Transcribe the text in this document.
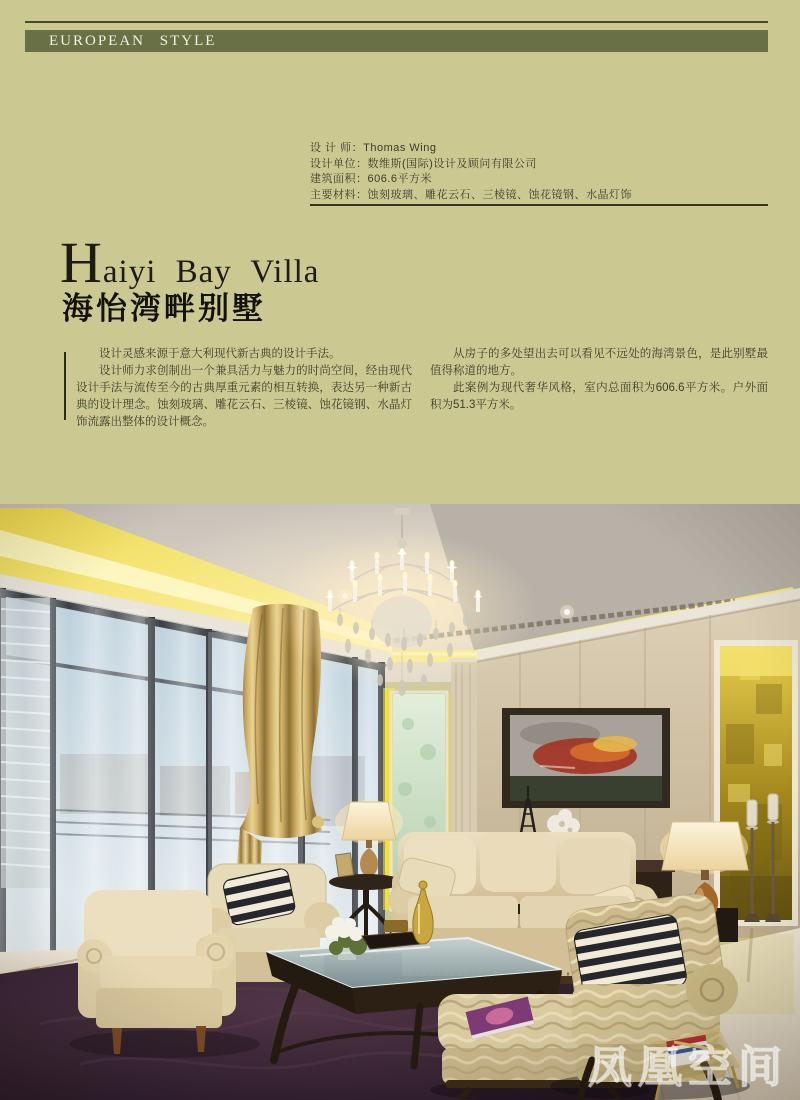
EUROPEAN STYLE
设 计 师：Thomas Wing
设计单位：数维斯(国际)设计及顾问有限公司
建筑面积：606.6平方米
主要材料：蚀刻玻璃、雕花云石、三棱镜、蚀花镜钢、水晶灯饰
H aiyi Bay Villa
海怡湾畔别墅

设计灵感来源于意大利现代新古典的设计手法。

设计师力求创制出一个兼具活力与魅力的时尚空间，经由现代设计手法与流传至今的古典厚重元素的相互转换，表达另一种新古典的设计理念。蚀刻玻璃、雕花云石、三棱镜、蚀花镜钢、水晶灯饰流露出整体的设计概念。

从房子的多处望出去可以看见不远处的海湾景色，是此别墅最值得称道的地方。

此案例为现代奢华风格，室内总面积为606.6平方米。户外面积为51.3平方米。

凤凰空间
